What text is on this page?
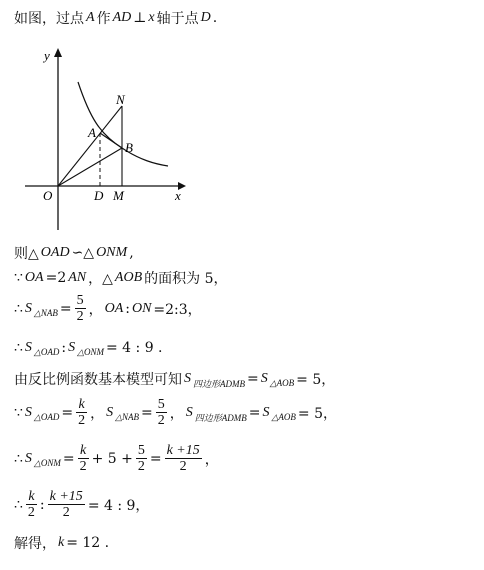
如图，过点 A 作 AD ⊥ x 轴于点 D .
y
x
O	D M
A
B
N
则△ OAD ∽△ ONM ,
∵ OA =2 AN ，△ AOB 的面积为 5，
∴ S △NAB = $\frac{5}{2}$ ， OA : ON =2:3，
∴ S △OAD : S △ONM = 4 : 9 .
由反比例函数基本模型可知 S 四边形ADMB = S △AOB = 5，
∵ S △OAD = $\frac{k}{2}$ ， S △NAB = $\frac{5}{2}$ ， S 四边形ADMB = S △AOB = 5，
∴ S △ONM = $\frac{k}{2} + 5 + \frac{5}{2} = \frac{k +15}{2}$ ，
∴ $\frac{k}{2}$ : $\frac{k +15}{2} = 4$ : 9，
解得， k = 12 .
